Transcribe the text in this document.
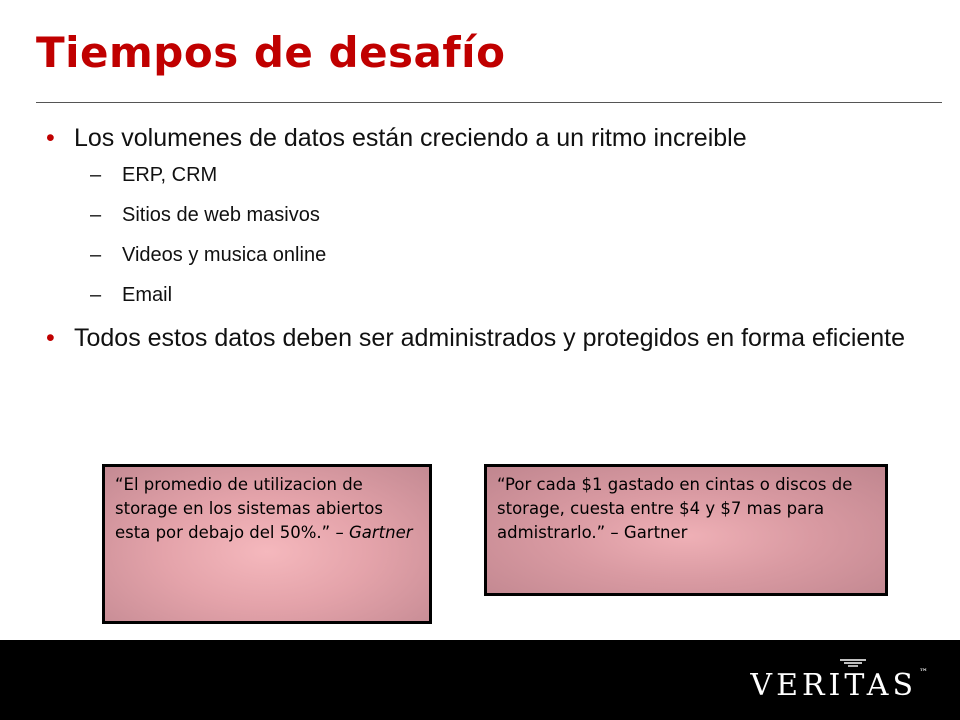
Tiempos de desafío
• Los volumenes de datos están creciendo a un ritmo increible
– ERP, CRM
– Sitios de web masivos
– Videos y musica online
– Email
• Todos estos datos deben ser administrados y protegidos en forma eficiente
“El promedio de utilizacion de storage en los sistemas abiertos esta por debajo del 50%.” – Gartner
“Por cada $1 gastado en cintas o discos de storage, cuesta entre $4 y $7 mas para admistrarlo.” – Gartner
VERITAS ™
